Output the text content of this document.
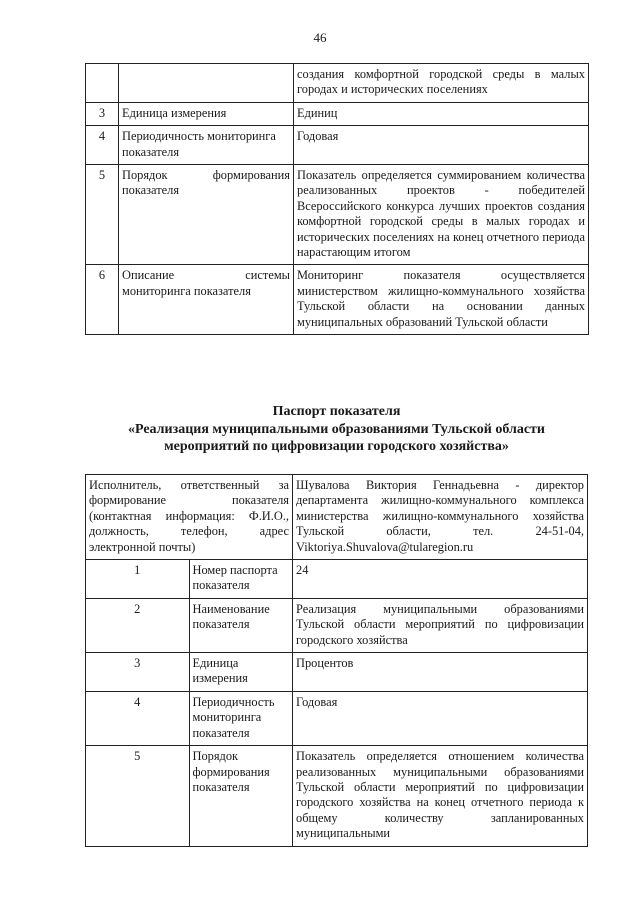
46
		создания комфортной городской среды в малых городах и исторических поселениях
3	Единица измерения	Единиц
4	Периодичность мониторинга показателя	Годовая
5	Порядок формирования показателя	Показатель определяется суммированием количества реализованных проектов - победителей Всероссийского конкурса лучших проектов создания комфортной городской среды в малых городах и исторических поселениях на конец отчетного периода нарастающим итогом
6	Описание системы мониторинга показателя	Мониторинг показателя осуществляется министерством жилищно-коммунального хозяйства Тульской области на основании данных муниципальных образований Тульской области
Паспорт показателя
«Реализация муниципальными образованиями Тульской области
мероприятий по цифровизации городского хозяйства»
Исполнитель, ответственный за формирование показателя (контактная информация: Ф.И.О., должность, телефон, адрес электронной почты)		Шувалова Виктория Геннадьевна - директор департамента жилищно-коммунального комплекса министерства жилищно-коммунального хозяйства Тульской области, тел. 24-51-04, Viktoriya.Shuvalova@tularegion.ru
1	Номер паспорта показателя	24
2	Наименование показателя	Реализация муниципальными образованиями Тульской области мероприятий по цифровизации городского хозяйства
3	Единица измерения	Процентов
4	Периодичность мониторинга показателя	Годовая
5	Порядок формирования показателя	Показатель определяется отношением количества реализованных муниципальными образованиями Тульской области мероприятий по цифровизации городского хозяйства на конец отчетного периода к общему количеству запланированных муниципальными
